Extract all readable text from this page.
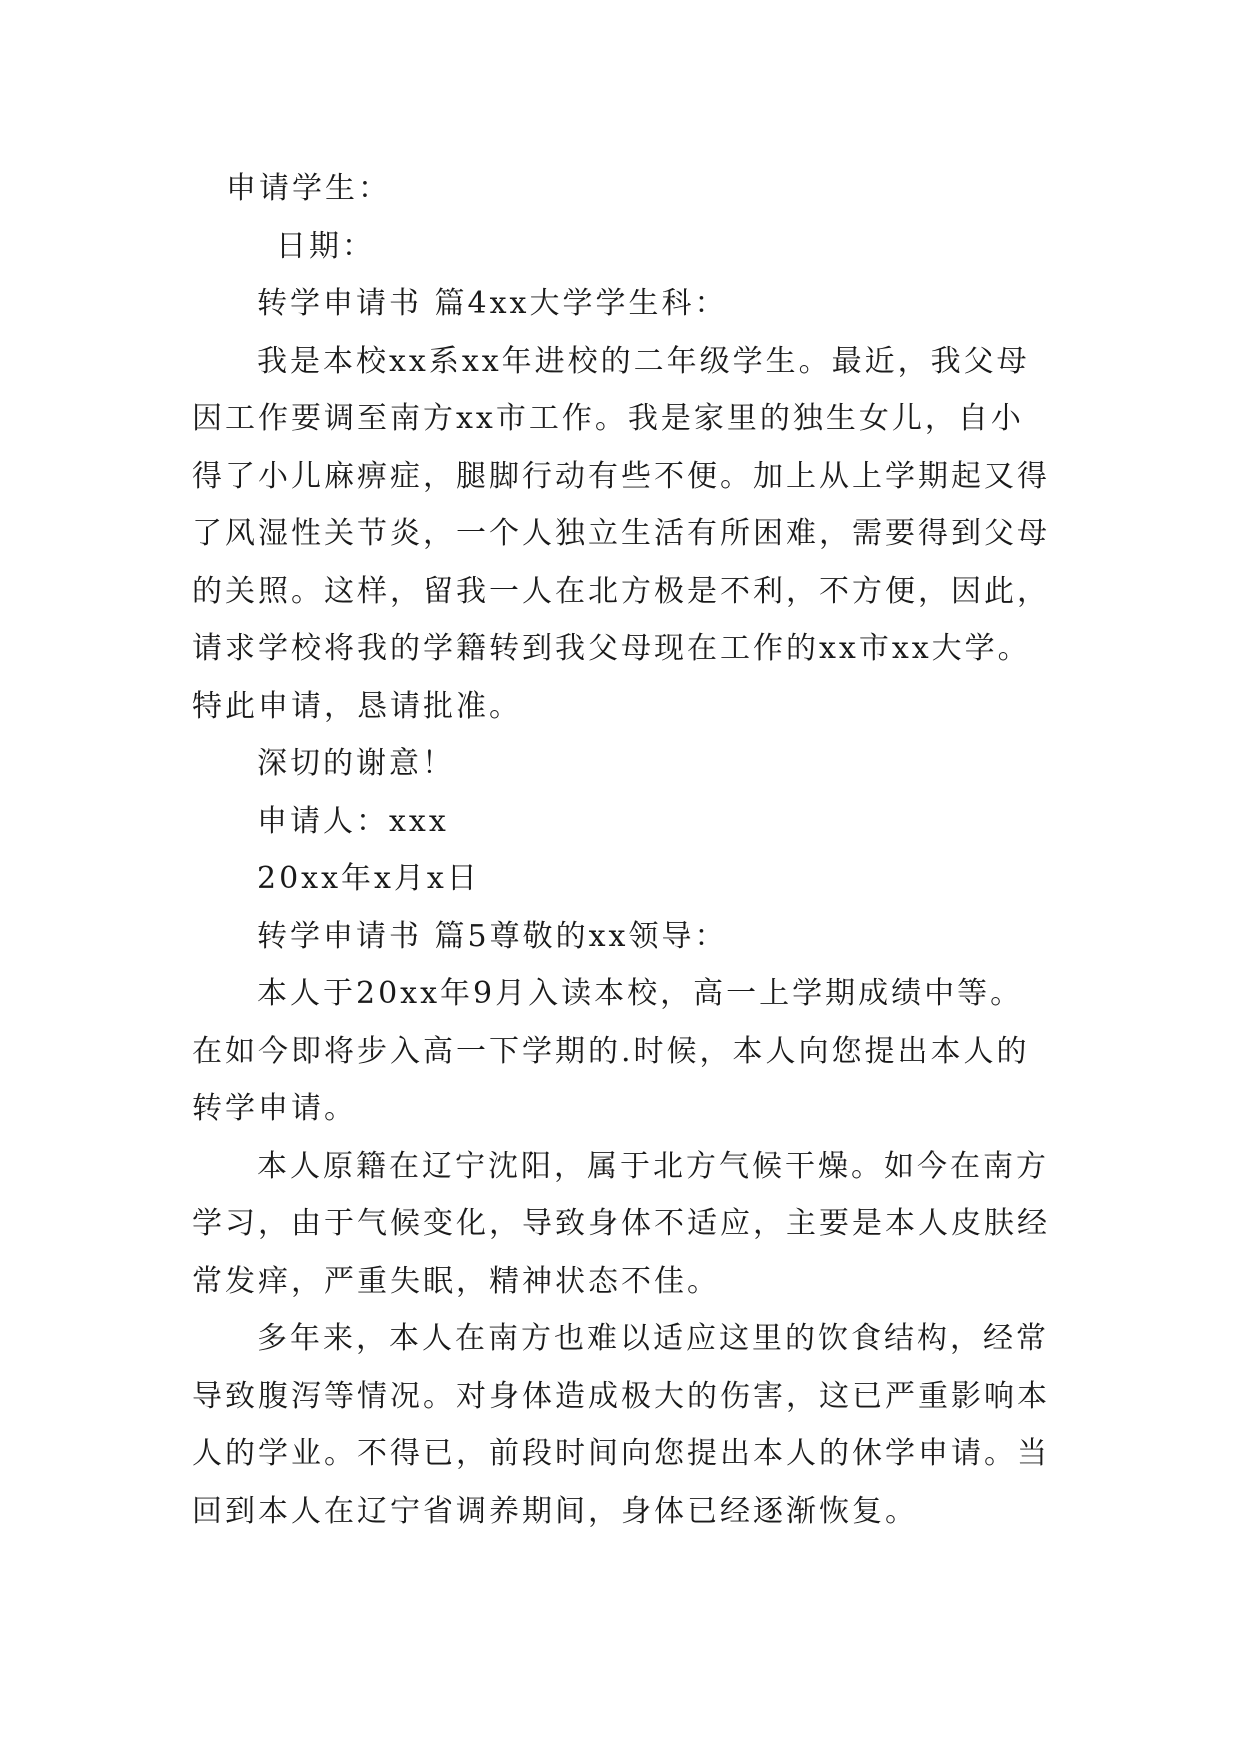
申请学生：
日期：
转学申请书 篇4xx大学学生科：
我是本校xx系xx年进校的二年级学生。最近，我父母
因工作要调至南方xx市工作。我是家里的独生女儿，自小
得了小儿麻痹症，腿脚行动有些不便。加上从上学期起又得
了风湿性关节炎，一个人独立生活有所困难，需要得到父母
的关照。这样，留我一人在北方极是不利，不方便，因此，
请求学校将我的学籍转到我父母现在工作的xx市xx大学。
特此申请，恳请批准。
深切的谢意！
申请人：xxx
20xx年x月x日
转学申请书 篇5尊敬的xx领导：
本人于20xx年9月入读本校，高一上学期成绩中等。
在如今即将步入高一下学期的.时候，本人向您提出本人的
转学申请。
本人原籍在辽宁沈阳，属于北方气候干燥。如今在南方
学习，由于气候变化，导致身体不适应，主要是本人皮肤经
常发痒，严重失眠，精神状态不佳。
多年来，本人在南方也难以适应这里的饮食结构，经常
导致腹泻等情况。对身体造成极大的伤害，这已严重影响本
人的学业。不得已，前段时间向您提出本人的休学申请。当
回到本人在辽宁省调养期间，身体已经逐渐恢复。
